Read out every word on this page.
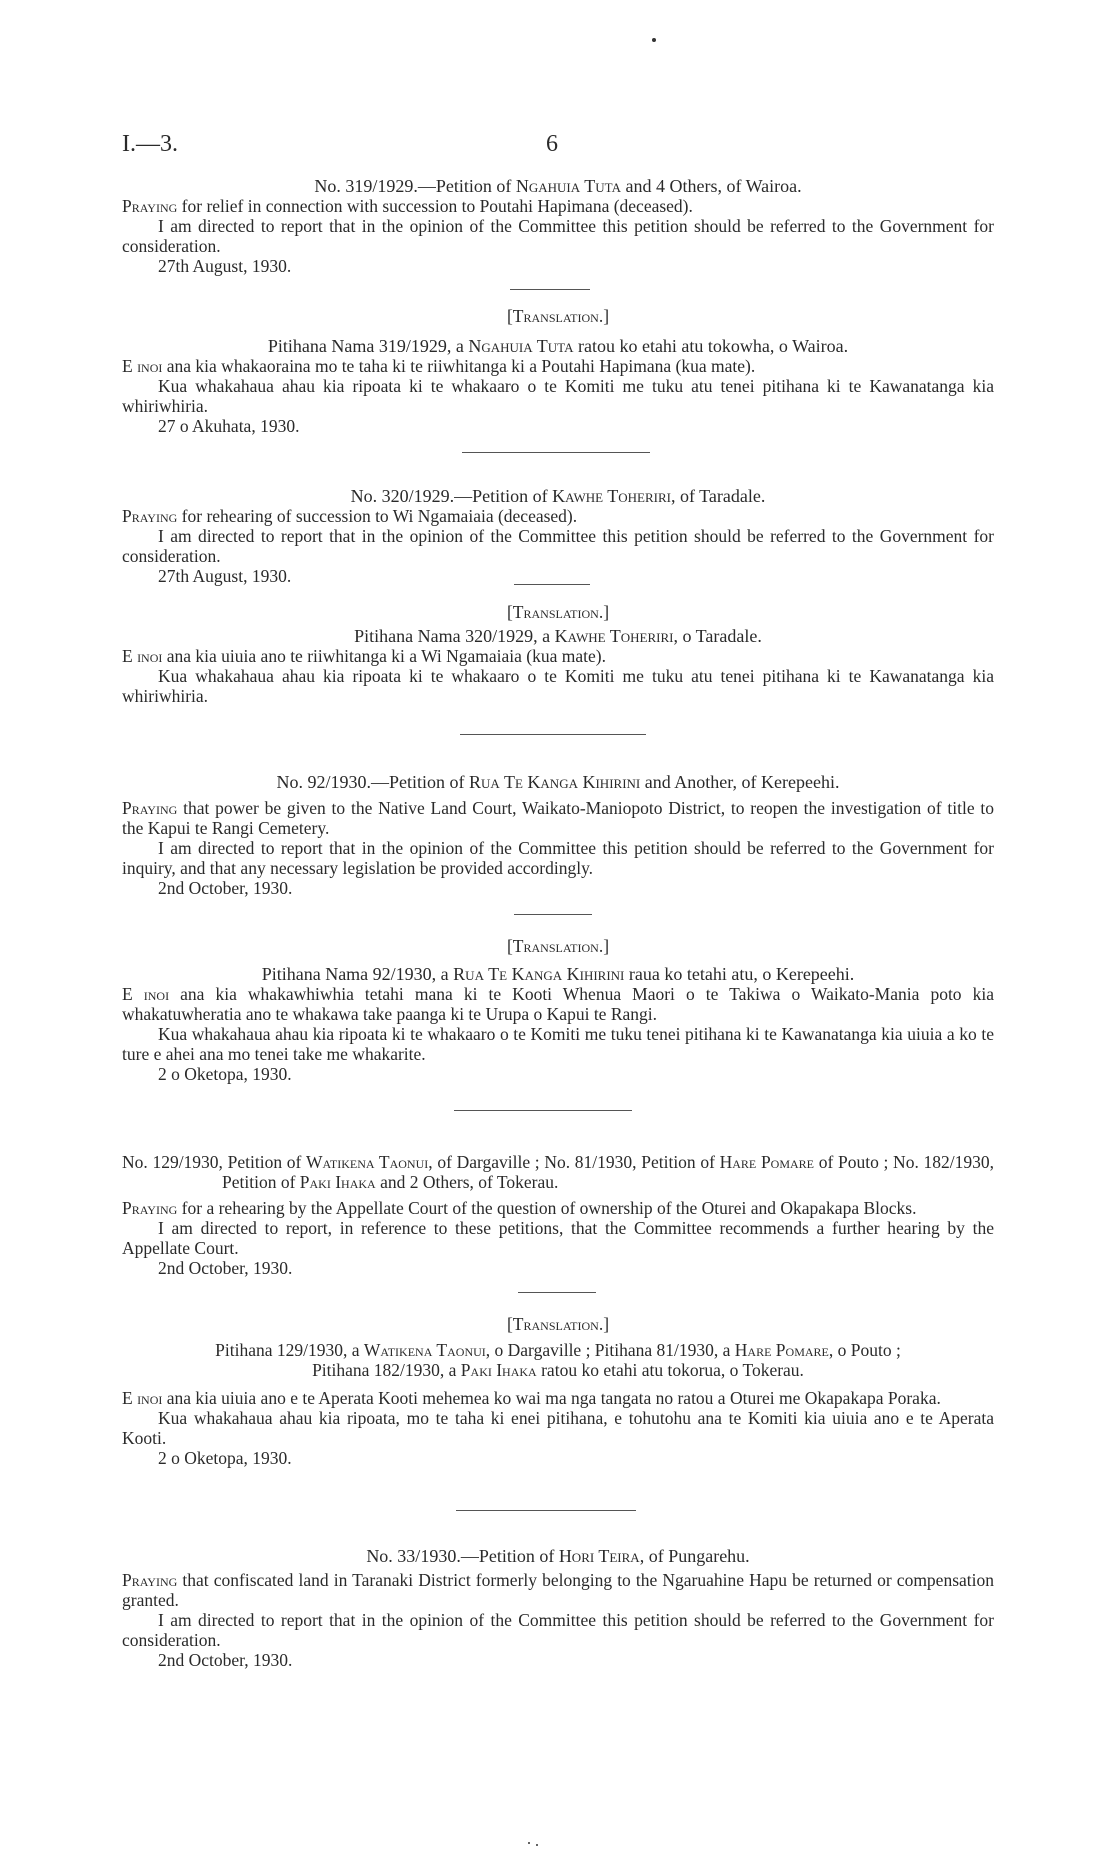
I.—3.	6

No. 319/1929.—Petition of Ngahuia Tuta and 4 Others, of Wairoa.

Praying for relief in connection with succession to Poutahi Hapimana (deceased).

I am directed to report that in the opinion of the Committee this petition should be referred to the Government for consideration.

27th August, 1930.

[Translation.]

Pitihana Nama 319/1929, a Ngahuia Tuta ratou ko etahi atu tokowha, o Wairoa.

E inoi ana kia whakaoraina mo te taha ki te riiwhitanga ki a Poutahi Hapimana (kua mate).

Kua whakahaua ahau kia ripoata ki te whakaaro o te Komiti me tuku atu tenei pitihana ki te Kawanatanga kia whiriwhiria.

27 o Akuhata, 1930.

No. 320/1929.—Petition of Kawhe Toheriri, of Taradale.

Praying for rehearing of succession to Wi Ngamaiaia (deceased).

I am directed to report that in the opinion of the Committee this petition should be referred to the Government for consideration.

27th August, 1930.

[Translation.]

Pitihana Nama 320/1929, a Kawhe Toheriri, o Taradale.

E inoi ana kia uiuia ano te riiwhitanga ki a Wi Ngamaiaia (kua mate).

Kua whakahaua ahau kia ripoata ki te whakaaro o te Komiti me tuku atu tenei pitihana ki te Kawanatanga kia whiriwhiria.

No. 92/1930.—Petition of Rua Te Kanga Kihirini and Another, of Kerepeehi.

Praying that power be given to the Native Land Court, Waikato-Maniopoto District, to reopen the investigation of title to the Kapui te Rangi Cemetery.

I am directed to report that in the opinion of the Committee this petition should be referred to the Government for inquiry, and that any necessary legislation be provided accordingly.

2nd October, 1930.

[Translation.]

Pitihana Nama 92/1930, a Rua Te Kanga Kihirini raua ko tetahi atu, o Kerepeehi.

E inoi ana kia whakawhiwhia tetahi mana ki te Kooti Whenua Maori o te Takiwa o Waikato-Mania poto kia whakatuwheratia ano te whakawa take paanga ki te Urupa o Kapui te Rangi.

Kua whakahaua ahau kia ripoata ki te whakaaro o te Komiti me tuku tenei pitihana ki te Kawanatanga kia uiuia a ko te ture e ahei ana mo tenei take me whakarite.

2 o Oketopa, 1930.

No. 129/1930, Petition of Watikena Taonui, of Dargaville ; No. 81/1930, Petition of Hare Pomare of Pouto ; No. 182/1930, Petition of Paki Ihaka and 2 Others, of Tokerau.

Praying for a rehearing by the Appellate Court of the question of ownership of the Oturei and Okapakapa Blocks.

I am directed to report, in reference to these petitions, that the Committee recommends a further hearing by the Appellate Court.

2nd October, 1930.

[Translation.]

Pitihana 129/1930, a Watikena Taonui, o Dargaville ; Pitihana 81/1930, a Hare Pomare, o Pouto ;

Pitihana 182/1930, a Paki Ihaka ratou ko etahi atu tokorua, o Tokerau.

E inoi ana kia uiuia ano e te Aperata Kooti mehemea ko wai ma nga tangata no ratou a Oturei me Okapakapa Poraka.

Kua whakahaua ahau kia ripoata, mo te taha ki enei pitihana, e tohutohu ana te Komiti kia uiuia ano e te Aperata Kooti.

2 o Oketopa, 1930.

No. 33/1930.—Petition of Hori Teira, of Pungarehu.

Praying that confiscated land in Taranaki District formerly belonging to the Ngaruahine Hapu be returned or compensation granted.

I am directed to report that in the opinion of the Committee this petition should be referred to the Government for consideration.

2nd October, 1930.
